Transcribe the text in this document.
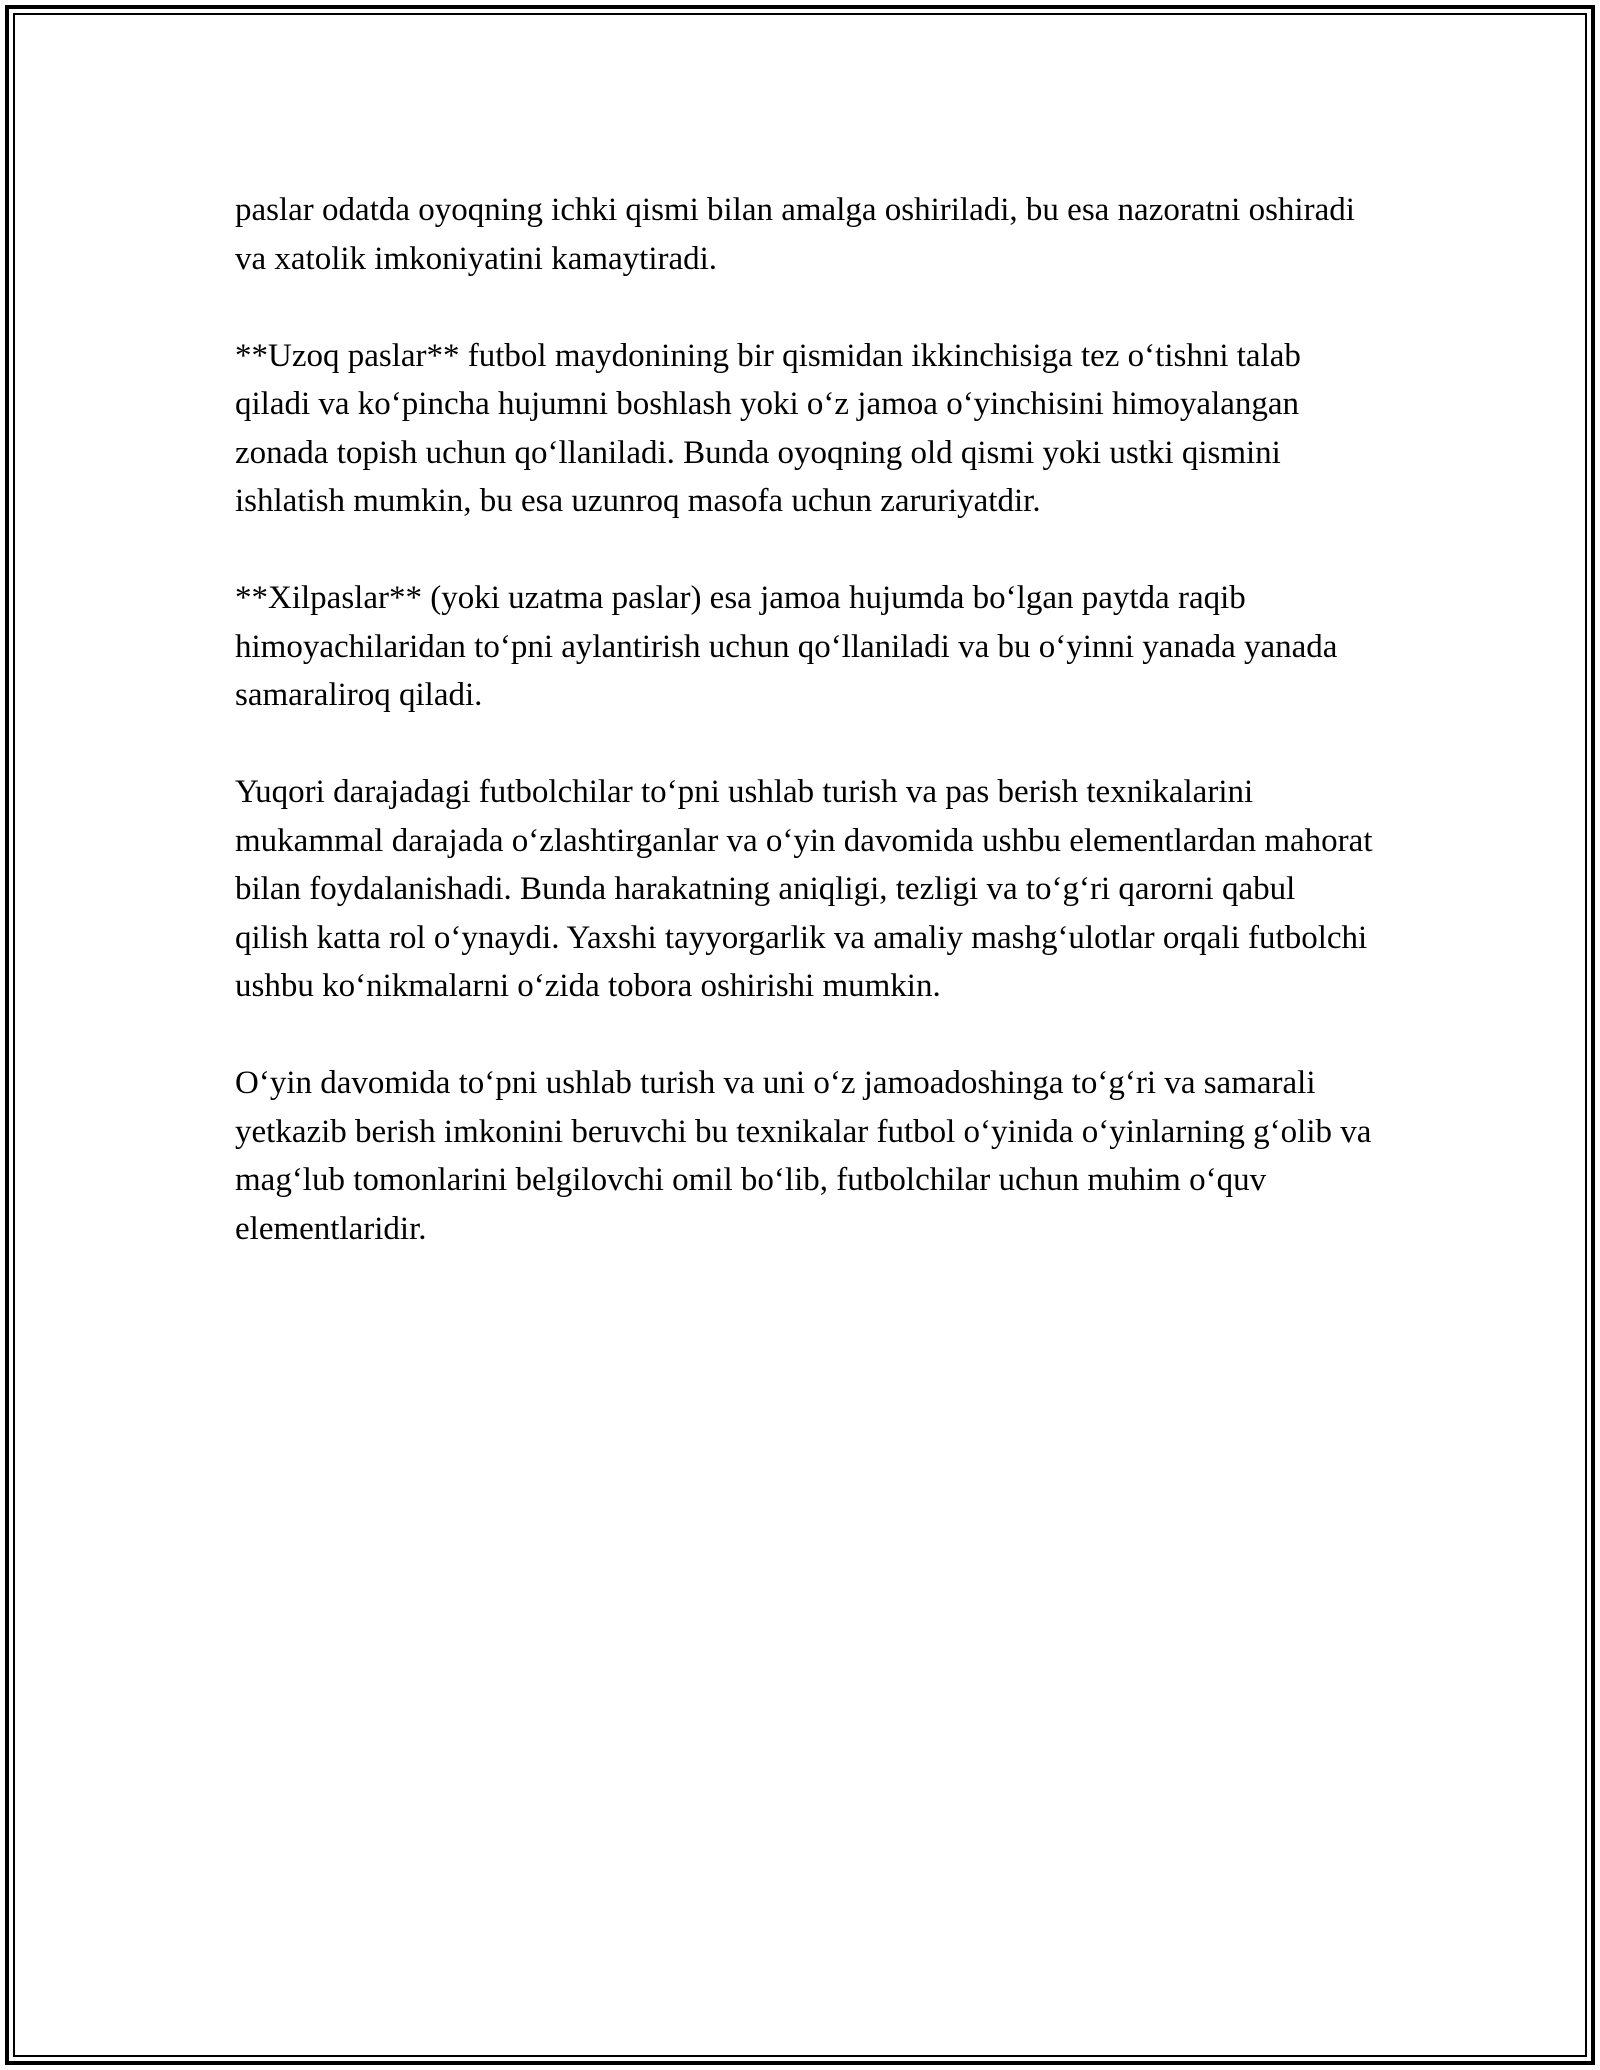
paslar odatda oyoqning ichki qismi bilan amalga oshiriladi, bu esa nazoratni oshiradi va xatolik imkoniyatini kamaytiradi.

**Uzoq paslar** futbol maydonining bir qismidan ikkinchisiga tez o‘tishni talab qiladi va ko‘pincha hujumni boshlash yoki o‘z jamoa o‘yinchisini himoyalangan zonada topish uchun qo‘llaniladi. Bunda oyoqning old qismi yoki ustki qismini ishlatish mumkin, bu esa uzunroq masofa uchun zaruriyatdir.

**Xilpaslar** (yoki uzatma paslar) esa jamoa hujumda bo‘lgan paytda raqib himoyachilaridan to‘pni aylantirish uchun qo‘llaniladi va bu o‘yinni yanada yanada samaraliroq qiladi.

Yuqori darajadagi futbolchilar to‘pni ushlab turish va pas berish texnikalarini mukammal darajada o‘zlashtirganlar va o‘yin davomida ushbu elementlardan mahorat bilan foydalanishadi. Bunda harakatning aniqligi, tezligi va to‘g‘ri qarorni qabul qilish katta rol o‘ynaydi. Yaxshi tayyorgarlik va amaliy mashg‘ulotlar orqali futbolchi ushbu ko‘nikmalarni o‘zida tobora oshirishi mumkin.

O‘yin davomida to‘pni ushlab turish va uni o‘z jamoadoshinga to‘g‘ri va samarali yetkazib berish imkonini beruvchi bu texnikalar futbol o‘yinida o‘yinlarning g‘olib va mag‘lub tomonlarini belgilovchi omil bo‘lib, futbolchilar uchun muhim o‘quv elementlaridir.
